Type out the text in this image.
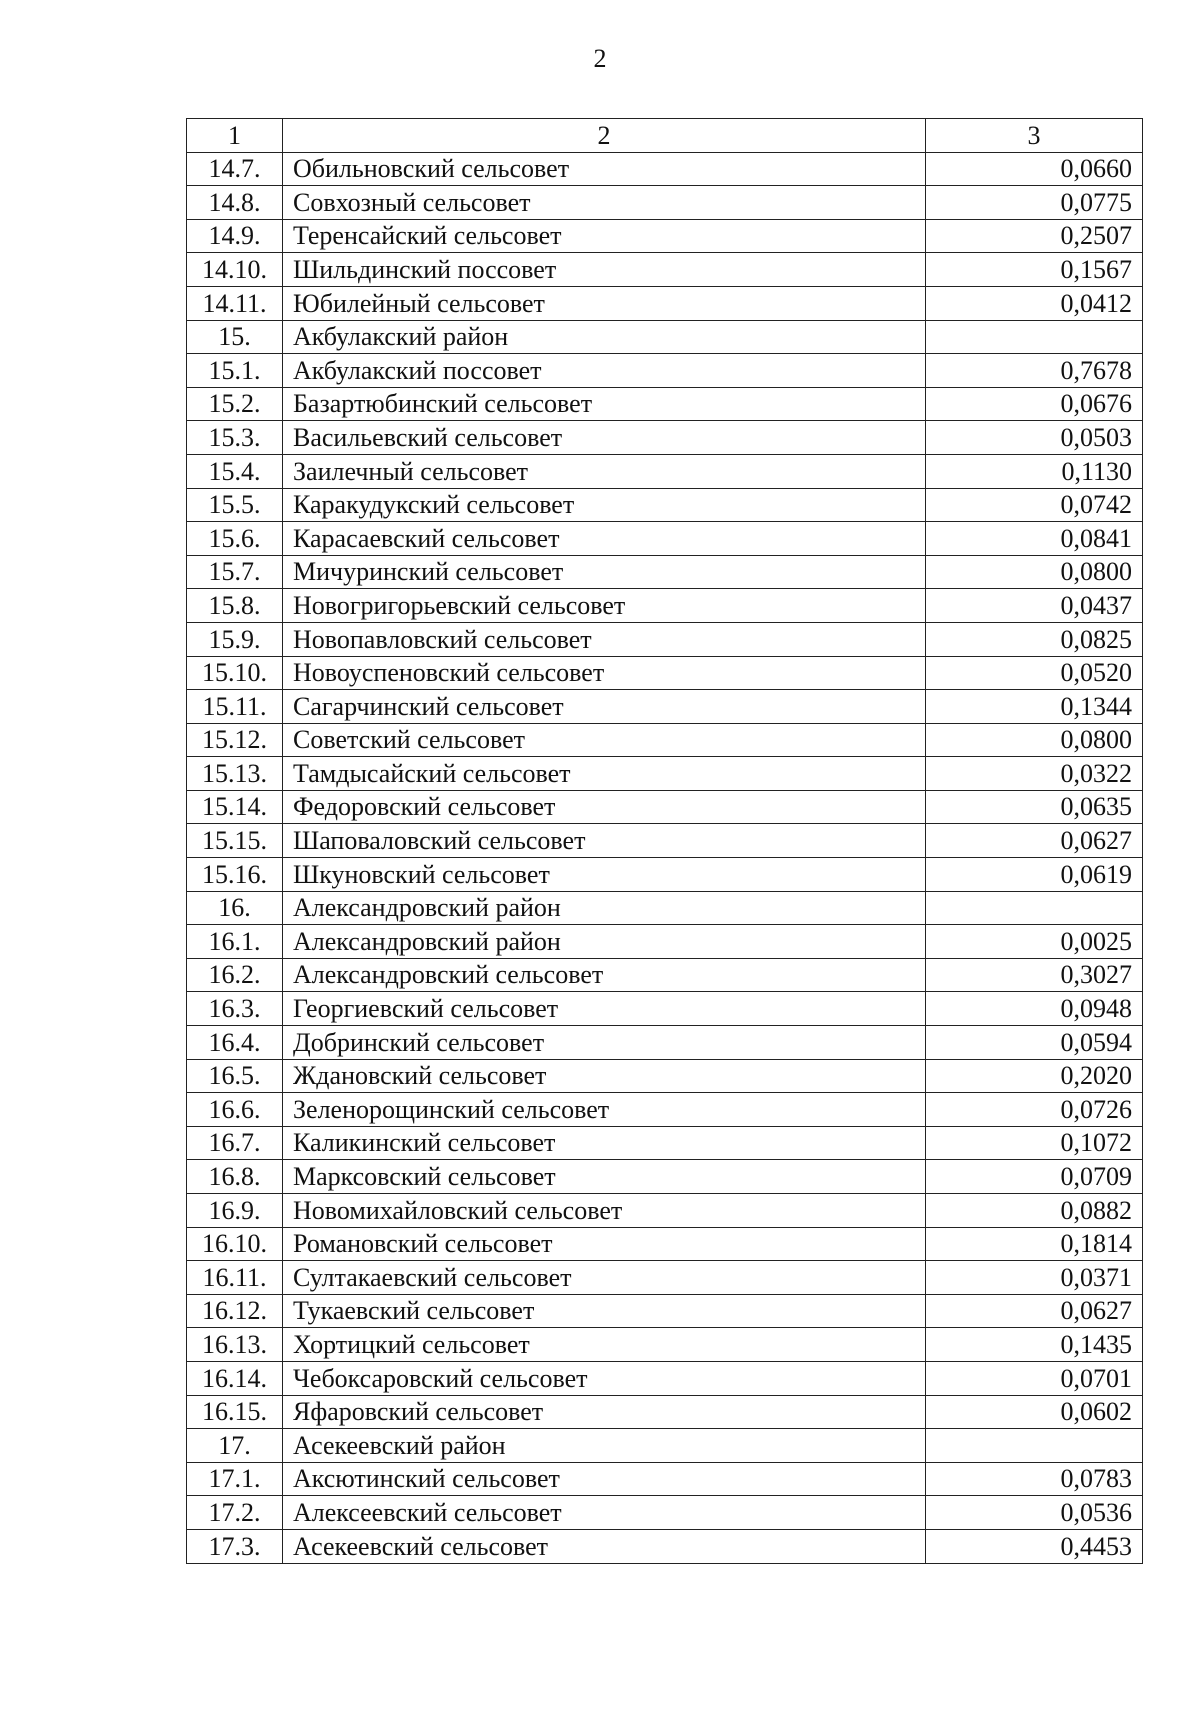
2
1	2	3
14.7.	Обильновский сельсовет	0,0660
14.8.	Совхозный сельсовет	0,0775
14.9.	Теренсайский сельсовет	0,2507
14.10.	Шильдинский поссовет	0,1567
14.11.	Юбилейный сельсовет	0,0412
15.	Акбулакский район	
15.1.	Акбулакский поссовет	0,7678
15.2.	Базартюбинский сельсовет	0,0676
15.3.	Васильевский сельсовет	0,0503
15.4.	Заилечный сельсовет	0,1130
15.5.	Каракудукский сельсовет	0,0742
15.6.	Карасаевский сельсовет	0,0841
15.7.	Мичуринский сельсовет	0,0800
15.8.	Новогригорьевский сельсовет	0,0437
15.9.	Новопавловский сельсовет	0,0825
15.10.	Новоуспеновский сельсовет	0,0520
15.11.	Сагарчинский сельсовет	0,1344
15.12.	Советский сельсовет	0,0800
15.13.	Тамдысайский сельсовет	0,0322
15.14.	Федоровский сельсовет	0,0635
15.15.	Шаповаловский сельсовет	0,0627
15.16.	Шкуновский сельсовет	0,0619
16.	Александровский район	
16.1.	Александровский район	0,0025
16.2.	Александровский сельсовет	0,3027
16.3.	Георгиевский сельсовет	0,0948
16.4.	Добринский сельсовет	0,0594
16.5.	Ждановский сельсовет	0,2020
16.6.	Зеленорощинский сельсовет	0,0726
16.7.	Каликинский сельсовет	0,1072
16.8.	Марксовский сельсовет	0,0709
16.9.	Новомихайловский сельсовет	0,0882
16.10.	Романовский сельсовет	0,1814
16.11.	Султакаевский сельсовет	0,0371
16.12.	Тукаевский сельсовет	0,0627
16.13.	Хортицкий сельсовет	0,1435
16.14.	Чебоксаровский сельсовет	0,0701
16.15.	Яфаровский сельсовет	0,0602
17.	Асекеевский район	
17.1.	Аксютинский сельсовет	0,0783
17.2.	Алексеевский сельсовет	0,0536
17.3.	Асекеевский сельсовет	0,4453
